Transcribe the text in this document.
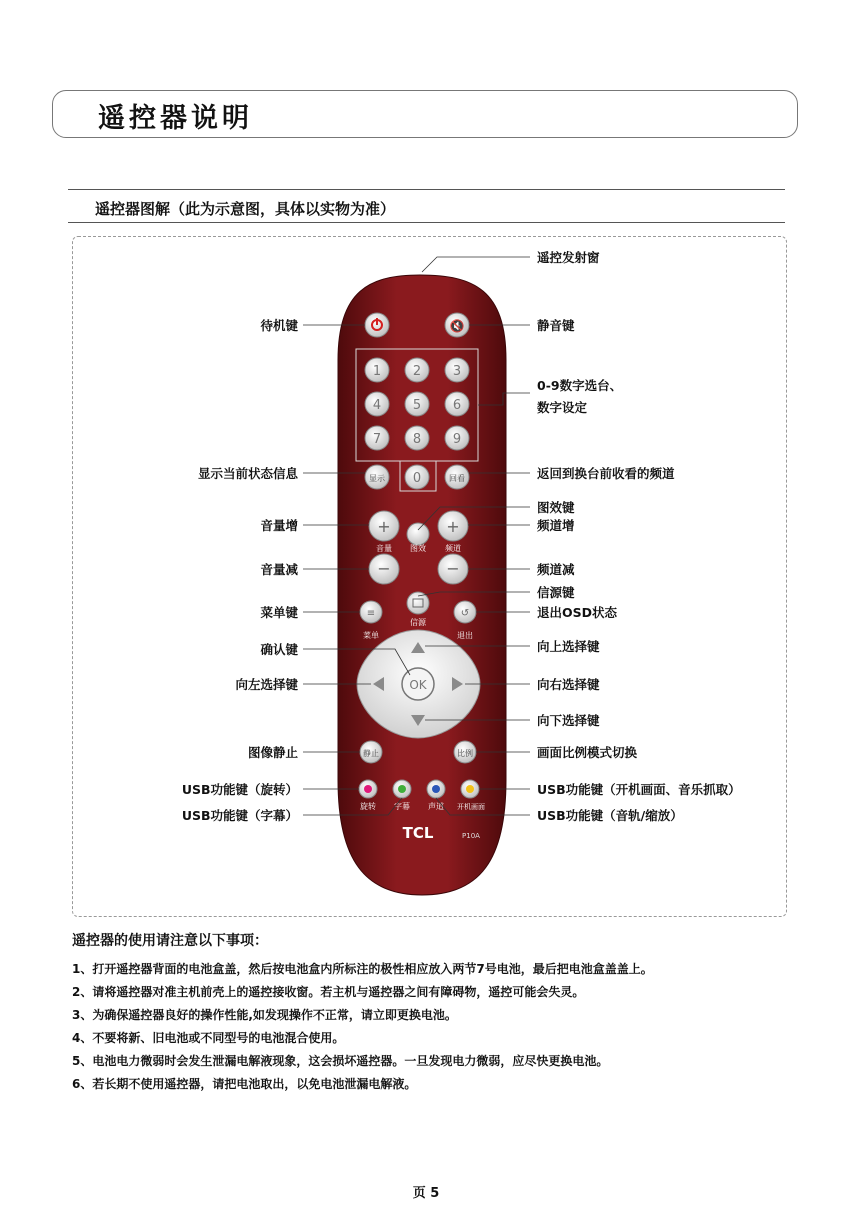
遥控器说明
遥控器图解（此为示意图，具体以实物为准）
🔇
1 2 3
4 5 6
7 8 9
0
显示	回看
+	+
音量 图效 频道
−	−
≡
菜单
信源
↺
退出
OK
静止	比例
旋转 字幕 声道 开机画面
TCL	P10A
遥控发射窗
待机键	静音键
0-9数字选台、
数字设定
显示当前状态信息	返回到换台前收看的频道
图效键
音量增	频道增
音量减	频道减
信源键
菜单键	退出OSD状态
确认键	向上选择键
向左选择键	向右选择键
向下选择键
图像静止	画面比例模式切换
USB功能键（旋转）
USB功能键（字幕）
USB功能键（开机画面、音乐抓取）
USB功能键（音轨/缩放）
遥控器的使用请注意以下事项：
1、打开遥控器背面的电池盒盖，然后按电池盒内所标注的极性相应放入两节7号电池，最后把电池盒盖盖上。
2、请将遥控器对准主机前壳上的遥控接收窗。若主机与遥控器之间有障碍物，遥控可能会失灵。
3、为确保遥控器良好的操作性能,如发现操作不正常，请立即更换电池。
4、不要将新、旧电池或不同型号的电池混合使用。
5、电池电力微弱时会发生泄漏电解液现象，这会损坏遥控器。一旦发现电力微弱，应尽快更换电池。
6、若长期不使用遥控器，请把电池取出，以免电池泄漏电解液。
页 5
